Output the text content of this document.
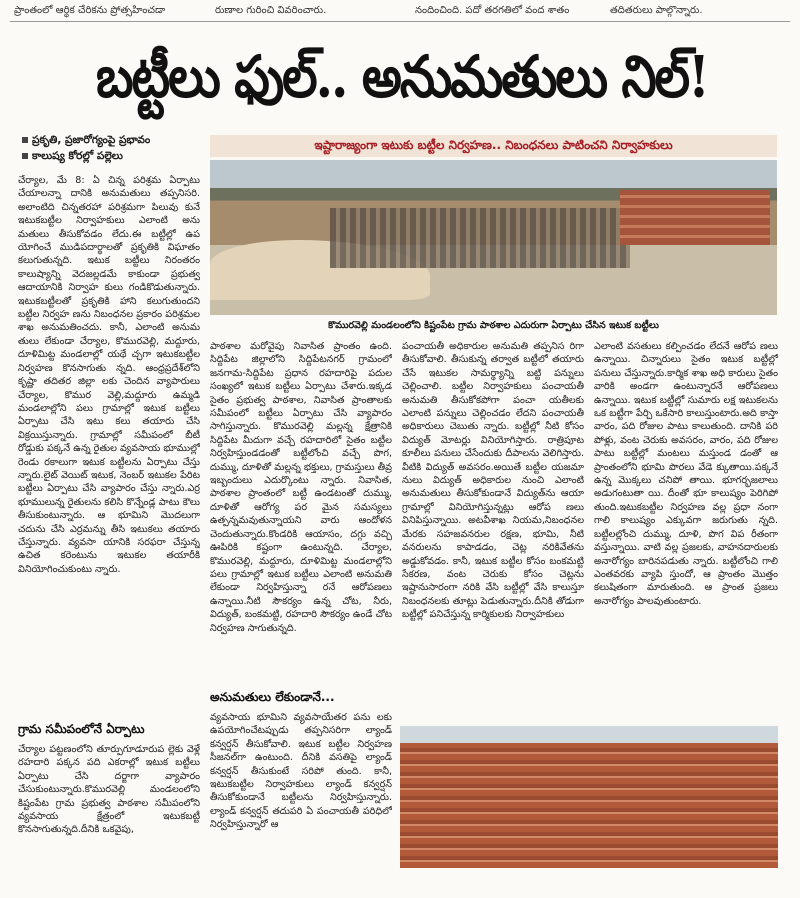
ప్రాంతంలో ఆర్థిక చేరికను ప్రోత్సహించడా	రుణాల గురించి వివరించారు.	నందించింది. పదో తరగతిలో వంద శాతం	తదితరులు పాల్గొన్నారు.
బట్టీలు ఫుల్.. అనుమతులు నిల్!
ప్రకృతి, ప్రజారోగ్యంపై ప్రభావం
కాలుష్య కోరల్లో పల్లెలు
ఇష్టారాజ్యంగా ఇటుకు బట్టీల నిర్వహణ.. నిబంధనలు పాటించని నిర్వాహకులు
కొమురవెల్లి మండలంలోని కిష్టంపేట గ్రామ పాఠశాల ఎదురుగా ఏర్పాటు చేసిన ఇటుక బట్టీలు

చేర్యాల, మే 8: ఏ చిన్న పరిశ్రమ ఏర్పాటు చేయాలన్నా దానికి అనుమతులు తప్పనిసరి. అలాంటిది చిన్నతరహా పరిశ్రమగా పిలువు కునే ఇటుకబట్టీల నిర్వాహకులు ఎలాంటి అను మతులు తీసుకోవడం లేదు.ఈ బట్టీల్లో ఉప యోగించే ముడిపదార్థాలతో ప్రకృతికి విఘాతం కలుగుతున్నది. ఇటుక బట్టీలు నిరంతరం కాలుష్యాన్ని వెదజల్లడమే కాకుండా ప్రభుత్వ ఆదాయానికి నిర్వాహ కులు గండికొడుతున్నారు. ఇటుకబట్టీలతో ప్రకృతికి హాని కలుగుతుందని బట్టీల నిర్వహ ణను నిబంధనల ప్రకారం పరిశ్రమల శాఖ అనుమతించదు. కానీ, ఎలాంటి అనుమ తులు లేకుండా చేర్యాల, కొమురవెల్లి, మద్దూరు, దూళిమిట్ట మండలాల్లో యథే చ్చగా ఇటుకబట్టీల నిర్వహణ కొనసాగుతు న్నది. ఆంధ్రప్రదేశ్‌లోని కృష్ణా తదితర జిల్లా లకు చెందిన వ్యాపారులు చేర్యాల, కొముర వెల్లి,మద్దూరు ఉమ్మడి మండలాల్లోని పలు గ్రామాల్లో ఇటుక బట్టీలు ఏర్పాటు చేసి ఇటు కలు తయారు చేసి విక్రయిస్తున్నారు. గ్రామాల్లో సమీపంలో బీటీ రోడ్డుకు పక్కనే ఉన్న రైతుల వ్యవసాయ భూముల్లో రెండు రకాలుగా ఇటుక బట్టీలను ఏర్పాటు చేస్తు న్నారు.లైట్ వెయిట్ ఇటుక, నెంబర్ ఇటుకల పేరిట బట్టీలు ఏర్పాటు చేసి వ్యాపారం చేస్తు న్నారు.ఎర్ర భూములున్న రైతులను కలిసి కొన్నేండ్ల పాటు కౌలు తీసుకుంటున్నారు. ఆ భూమిని మొదలుగా చదును చేసి ఎర్రమన్ను తీసి ఇటుకలు తయారు చేస్తున్నారు. వ్యవసా యానికి సరఫరా చేస్తున్న ఉచిత కరెంటును ఇటుకల తయారీకి వినియోగించుకుంటు న్నారు.

గ్రామ సమీపంలోనే ఏర్పాటు

చేర్యాల పట్టణంలోని తూర్పుగూడూరుప ల్లెకు వెళ్లే రహదారి పక్కన పది ఎకరాల్లో ఇటుక బట్టీలు ఏర్పాటు చేసి దర్జాగా వ్యాపారం చేసుకుంటున్నారు.కొమురవెల్లి మండలంలోని కిష్టంపేట గ్రామ ప్రభుత్వ పాఠశాల సమీపంలోని వ్యవసాయ క్షేత్రంలో ఇటుకబట్టీ కొనసాగుతున్నది.దీనికి ఒకవైపు,

పాఠశాల మరోవైపు నివాసిత ప్రాంతం ఉంది. సిద్దిపేట జిల్లాలోని సిద్దిపేటనగర్ గ్రామంలో జనగామ-సిద్దిపేట ప్రధాన రహదారిపై పదుల సంఖ్యలో ఇటుక బట్టీలు ఏర్పాటు చేశారు.ఇక్కడ సైతం ప్రభుత్వ పాఠశాల, నివాసిత ప్రాంతాలకు సమీపంలో బట్టీలు ఏర్పాటు చేసి వ్యాపారం సాగిస్తున్నారు. కొమురవెల్లి మల్లన్న క్షేత్రానికి సిద్దిపేట మీదుగా వచ్చే రహదారిలో సైతం బట్టీల నిర్వహిస్తుండడంతో బట్టీలోంచి వచ్చే పొగ, దుమ్ము, దూళితో మల్లన్న భక్తులు, గ్రామస్తులు తీవ్ర ఇబ్బందులు ఎదుర్కొంటు న్నారు. నివాసిత, పాఠశాల ప్రాంతంలో బట్టీ ఉండటంతో దుమ్ము, దూళితో ఆరోగ్య పర మైన సమస్యలు ఉత్పన్నమవుతున్నాయని వారు ఆందోళన చెందుతున్నారు.కొండరికి ఆయాసం, దగ్గు వచ్చి ఊపిరికి కష్టంగా ఉంటున్నది. చేర్యాల, కొమురవెల్లి, మద్దూరు, దూళిమిట్ట మండలాల్లోని పలు గ్రామాల్లో ఇటుక బట్టీలు ఎలాంటి అనుమతి లేకుండా నిర్వహిస్తున్నా రనే ఆరోపణలు ఉన్నాయి.నీటి సౌకర్యం ఉన్న చోట, నీరు, విద్యుత్, బంకమట్టి, రహదారి సౌకర్యం ఉండే చోట నిర్వహణ సాగుతున్నది.

అనుమతులు లేకుండానే...

వ్యవసాయ భూమిని వ్యవసాయేతర పను లకు ఉపయోగించేటప్పుడు తప్పనిసరిగా ల్యాండ్ కన్వర్షన్ తీసుకోవాలి. ఇటుక బట్టీల నిర్వహణ సీజనల్‌గా ఉంటుంది. దీనికి వసతిపై ల్యాండ్ కన్వర్షన్ తీసుకుంటే సరిపో తుంది. కానీ, ఇటుకబట్టీల నిర్వాహకులు ల్యాండ్ కన్వర్షన్ తీసుకోకుండానే బట్టీలను నిర్వహిస్తున్నారు. ల్యాండ్ కన్వర్షన్ తదుపరి ఏ పంచాయతీ పరిధిలో నిర్వహిస్తున్నారో ఆ

పంచాయతీ అధికారుల అనుమతి తప్పనిస రిగా తీసుకోవాలి. తీసుకున్న తర్వాత బట్టీలో తయారు చేసే ఇటుకల సామర్థ్యాన్ని బట్టి పన్నులు చెల్లించాలి. బట్టీల నిర్వాహకులు పంచాయతీ అనుమతి తీసుకోకపోగా పంచా యతీలకు ఎలాంటి పన్నులు చెల్లించడం లేదని పంచాయతీ అధికారులు చెబుతు న్నారు. బట్టీల్లో నీటి కోసం విద్యుత్ మోటర్లు వినియోగిస్తారు. రాత్రిపూట కూలీలు పనులు చేసేందుకు దీపాలను వెలిగిస్తారు. వీటికి విద్యుత్ అవసరం.అయితే బట్టీల యజమా నులు విద్యుత్ అధికారుల నుంచి ఎలాంటి అనుమతులు తీసుకోకుండానే విద్యుత్‌ను ఆయా గ్రామాల్లో వినియోగిస్తున్నట్లు ఆరోప ణలు వినిపిస్తున్నాయి. అటవీశాఖ నియమ,నిబంధనల మేరకు సహజవనరుల రక్షణ, భూమి, నీటి వనరులను కాపాడడం, చెట్ల నరికివేతను అడ్డుకోవడం. కానీ, ఇటుక బట్టీల కోసం బంకమట్టి సేకరణ, వంట చెరుకు కోసం చెట్లను ఇష్టానుసారంగా నరికి వేసి బట్టీల్లో వేసి కాలుస్తూ నిబంధనలకు తూట్లు పెడుతున్నారు.దీనికి తోడుగా బట్టీల్లో పనిచేస్తున్న కార్మికులకు నిర్వాహకులు

ఎలాంటి వసతులు కల్పించడం లేదనే ఆరోప ణలు ఉన్నాయి. చిన్నారులు సైతం ఇటుక బట్టీల్లో పనులు చేస్తున్నారు.కార్మిక శాఖ అధి కారులు సైతం వారికి అండగా ఉంటున్నారనే ఆరోపణలు ఉన్నాయి. ఇటుక బట్టీల్లో సుమారు లక్ష ఇటుకలను ఒక బట్టీగా పేర్చి ఒకేసారి కాలుస్తుంటారు.అది కాస్తా వారం, పది రోజుల పాటు కాలుతుంది. దానికి పరి పోళ్లు, వంట చెరుకు అవసరం, వారం, పది రోజుల పాటు బట్టీల్లో మంటలు మస్తుండ డంతో ఆ ప్రాంతంలోని భూమి పొరలు వేడె క్కుతాయి.పక్కనే ఉన్న మొక్కలు చనిపో తాయి. భూగర్భజలాలు అడుగంటుతా యి. దీంతో భూ కాలుష్యం పెరిగిపో తుంది.ఇటుకబట్టీల నిర్వహణ వల్ల ప్రధా నంగా గాలి కాలుష్యం ఎక్కువగా జరుగుతు న్నది. బట్టీలల్లోంచి దుమ్ము, దూళి, పొగ విప రీతంగా వస్తున్నాయి. వాటి వల్ల ప్రజలకు, వాహనదారులకు అనారోగ్యం బారినపడుతు న్నారు. బట్టీలోంచి గాలి ఎంతవరకు వ్యాపి స్తుందో, ఆ ప్రాంతం మొత్తం కలుషితంగా మారుతుంది. ఆ ప్రాంత ప్రజలు అనారోగ్యం పాలవుతుంటారు.
